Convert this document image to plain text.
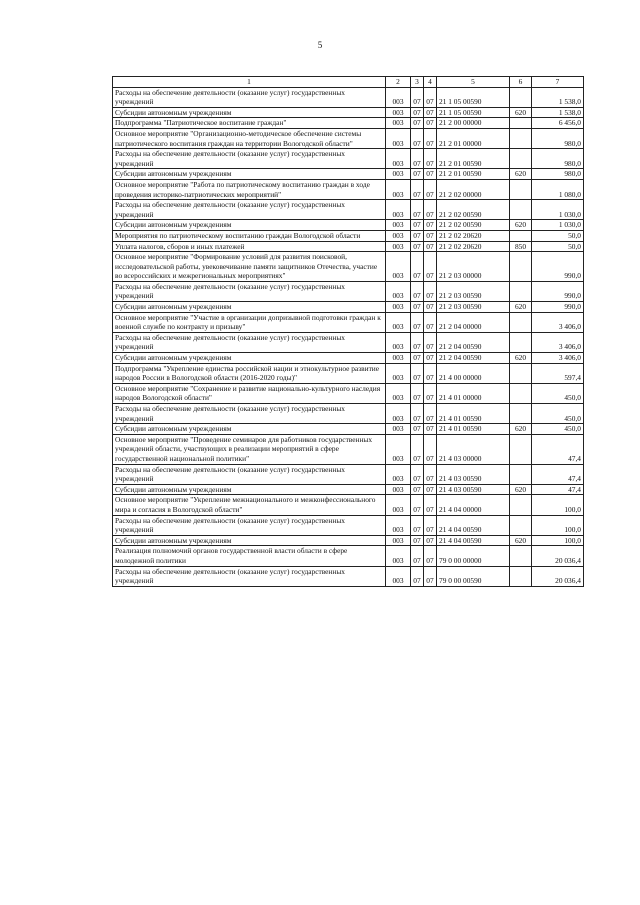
5
1	2	3	4	5	6	7
Расходы на обеспечение деятельности (оказание услуг) государственных учреждений	003	07	07	21 1 05 00590		1 538,0
Субсидии автономным учреждениям	003	07	07	21 1 05 00590	620	1 538,0
Подпрограмма "Патриотическое воспитание граждан"	003	07	07	21 2 00 00000		6 456,0
Основное мероприятие "Организационно-методическое обеспечение системы патриотического воспитания граждан на территории Вологодской области"	003	07	07	21 2 01 00000		980,0
Расходы на обеспечение деятельности (оказание услуг) государственных учреждений	003	07	07	21 2 01 00590		980,0
Субсидии автономным учреждениям	003	07	07	21 2 01 00590	620	980,0
Основное мероприятие "Работа по патриотическому воспитанию граждан в ходе проведения историко-патриотических мероприятий"	003	07	07	21 2 02 00000		1 080,0
Расходы на обеспечение деятельности (оказание услуг) государственных учреждений	003	07	07	21 2 02 00590		1 030,0
Субсидии автономным учреждениям	003	07	07	21 2 02 00590	620	1 030,0
Мероприятия по патриотическому воспитанию граждан Вологодской области	003	07	07	21 2 02 20620		50,0
Уплата налогов, сборов и иных платежей	003	07	07	21 2 02 20620	850	50,0
Основное мероприятие "Формирование условий для развития поисковой, исследовательской работы, увековечивание памяти защитников Отечества, участие во всероссийских и межрегиональных мероприятиях"	003	07	07	21 2 03 00000		990,0
Расходы на обеспечение деятельности (оказание услуг) государственных учреждений	003	07	07	21 2 03 00590		990,0
Субсидии автономным учреждениям	003	07	07	21 2 03 00590	620	990,0
Основное мероприятие "Участие в организации допризывной подготовки граждан к военной службе по контракту и призыву"	003	07	07	21 2 04 00000		3 406,0
Расходы на обеспечение деятельности (оказание услуг) государственных учреждений	003	07	07	21 2 04 00590		3 406,0
Субсидии автономным учреждениям	003	07	07	21 2 04 00590	620	3 406,0
Подпрограмма "Укрепление единства российской нации и этнокультурное развитие народов России в Вологодской области (2016-2020 годы)"	003	07	07	21 4 00 00000		597,4
Основное мероприятие "Сохранение и развитие национально-культурного наследия народов Вологодской области"	003	07	07	21 4 01 00000		450,0
Расходы на обеспечение деятельности (оказание услуг) государственных учреждений	003	07	07	21 4 01 00590		450,0
Субсидии автономным учреждениям	003	07	07	21 4 01 00590	620	450,0
Основное мероприятие "Проведение семинаров для работников государственных учреждений области, участвующих в реализации мероприятий в сфере государственной национальной политики"	003	07	07	21 4 03 00000		47,4
Расходы на обеспечение деятельности (оказание услуг) государственных учреждений	003	07	07	21 4 03 00590		47,4
Субсидии автономным учреждениям	003	07	07	21 4 03 00590	620	47,4
Основное мероприятие "Укрепление межнационального и межконфессионального мира и согласия в Вологодской области"	003	07	07	21 4 04 00000		100,0
Расходы на обеспечение деятельности (оказание услуг) государственных учреждений	003	07	07	21 4 04 00590		100,0
Субсидии автономным учреждениям	003	07	07	21 4 04 00590	620	100,0
Реализация полномочий органов государственной власти области в сфере молодежной политики	003	07	07	79 0 00 00000		20 036,4
Расходы на обеспечение деятельности (оказание услуг) государственных учреждений	003	07	07	79 0 00 00590		20 036,4
